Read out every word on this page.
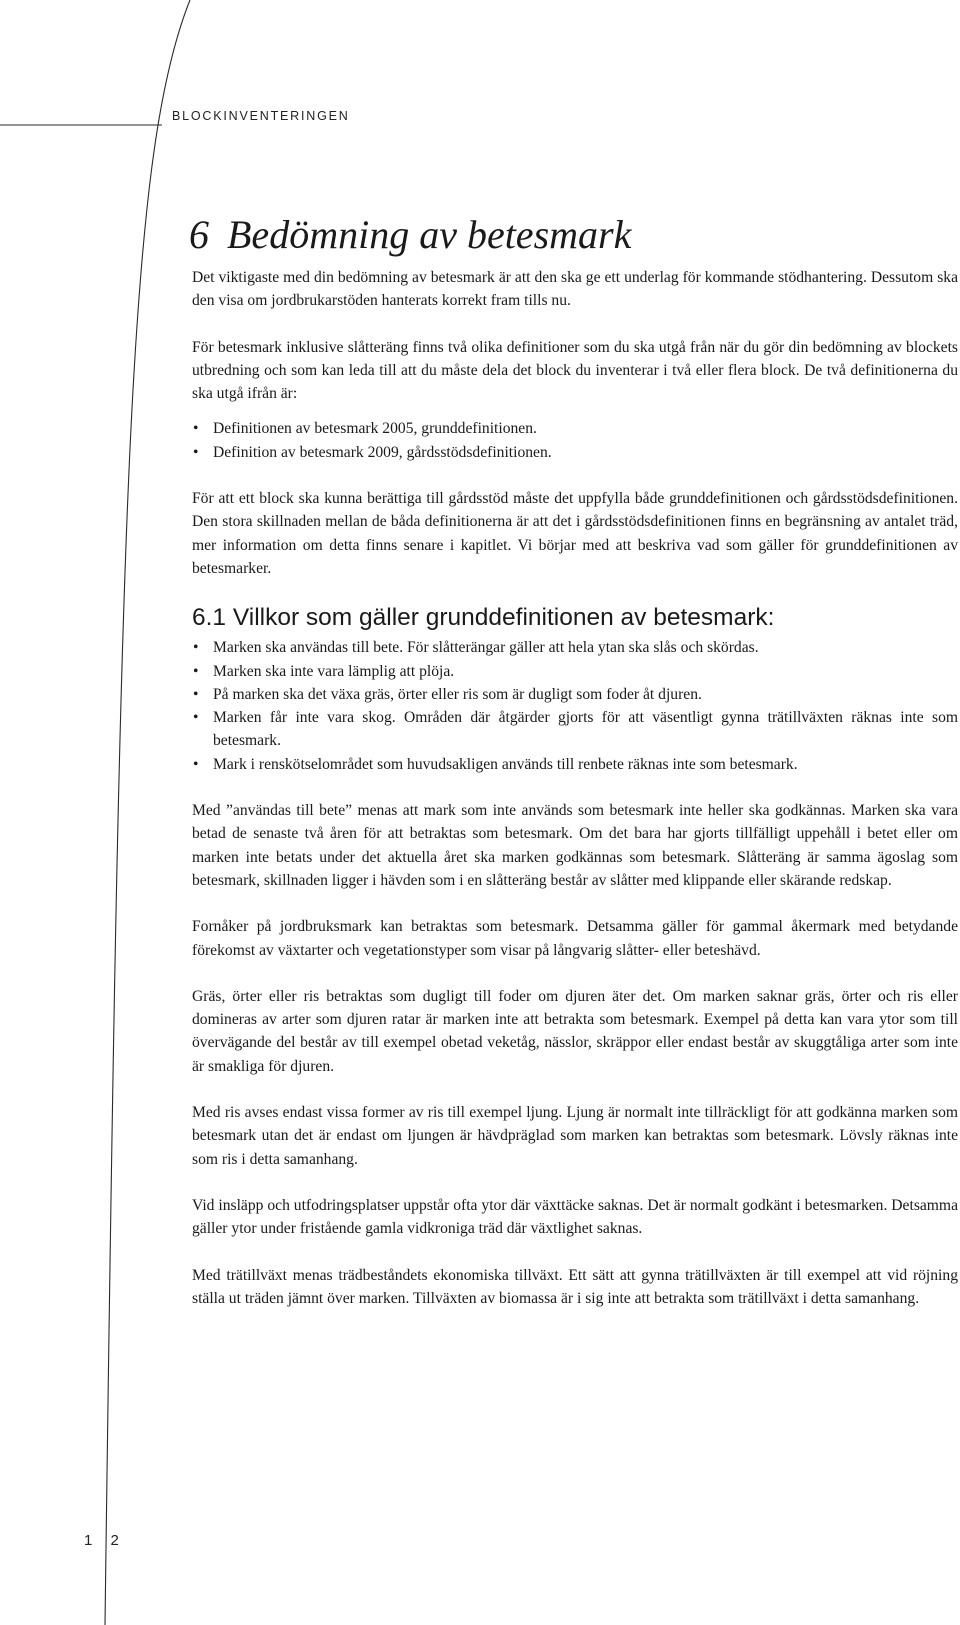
BLOCKINVENTERINGEN
6 Bedömning av betesmark

Det viktigaste med din bedömning av betesmark är att den ska ge ett underlag för kommande stödhantering. Dessutom ska den visa om jordbrukarstöden hanterats korrekt fram tills nu.

För betesmark inklusive slåtteräng finns två olika definitioner som du ska utgå från när du gör din bedömning av blockets utbredning och som kan leda till att du måste dela det block du inventerar i två eller flera block. De två definitionerna du ska utgå ifrån är:

• Definitionen av betesmark 2005, grunddefinitionen.
• Definition av betesmark 2009, gårdsstödsdefinitionen.

För att ett block ska kunna berättiga till gårdsstöd måste det uppfylla både grunddefinitionen och gårdsstödsdefinitionen. Den stora skillnaden mellan de båda definitionerna är att det i gårdsstödsdefinitionen finns en begränsning av antalet träd, mer information om detta finns senare i kapitlet. Vi börjar med att beskriva vad som gäller för grunddefinitionen av betesmarker.

6.1 Villkor som gäller grunddefinitionen av betesmark:
• Marken ska användas till bete. För slåtterängar gäller att hela ytan ska slås och skördas.
• Marken ska inte vara lämplig att plöja.
• På marken ska det växa gräs, örter eller ris som är dugligt som foder åt djuren.
• Marken får inte vara skog. Områden där åtgärder gjorts för att väsentligt gynna trätillväxten räknas inte som betesmark.
• Mark i renskötselområdet som huvudsakligen används till renbete räknas inte som betesmark.

Med ”användas till bete” menas att mark som inte används som betesmark inte heller ska godkännas. Marken ska vara betad de senaste två åren för att betraktas som betesmark. Om det bara har gjorts tillfälligt uppehåll i betet eller om marken inte betats under det aktuella året ska marken godkännas som betesmark. Slåtteräng är samma ägoslag som betesmark, skillnaden ligger i hävden som i en slåtteräng består av slåtter med klippande eller skärande redskap.

Fornåker på jordbruksmark kan betraktas som betesmark. Detsamma gäller för gammal åkermark med betydande förekomst av växtarter och vegetationstyper som visar på långvarig slåtter- eller beteshävd.

Gräs, örter eller ris betraktas som dugligt till foder om djuren äter det. Om marken saknar gräs, örter och ris eller domineras av arter som djuren ratar är marken inte att betrakta som betesmark. Exempel på detta kan vara ytor som till övervägande del består av till exempel obetad veketåg, nässlor, skräppor eller endast består av skuggtåliga arter som inte är smakliga för djuren.

Med ris avses endast vissa former av ris till exempel ljung. Ljung är normalt inte tillräckligt för att godkänna marken som betesmark utan det är endast om ljungen är hävdpräglad som marken kan betraktas som betesmark. Lövsly räknas inte som ris i detta samanhang.

Vid insläpp och utfodringsplatser uppstår ofta ytor där växttäcke saknas. Det är normalt godkänt i betesmarken. Detsamma gäller ytor under fristående gamla vidkroniga träd där växtlighet saknas.

Med trätillväxt menas trädbeståndets ekonomiska tillväxt. Ett sätt att gynna trätillväxten är till exempel att vid röjning ställa ut träden jämnt över marken. Tillväxten av biomassa är i sig inte att betrakta som trätillväxt i detta samanhang.

1 2
